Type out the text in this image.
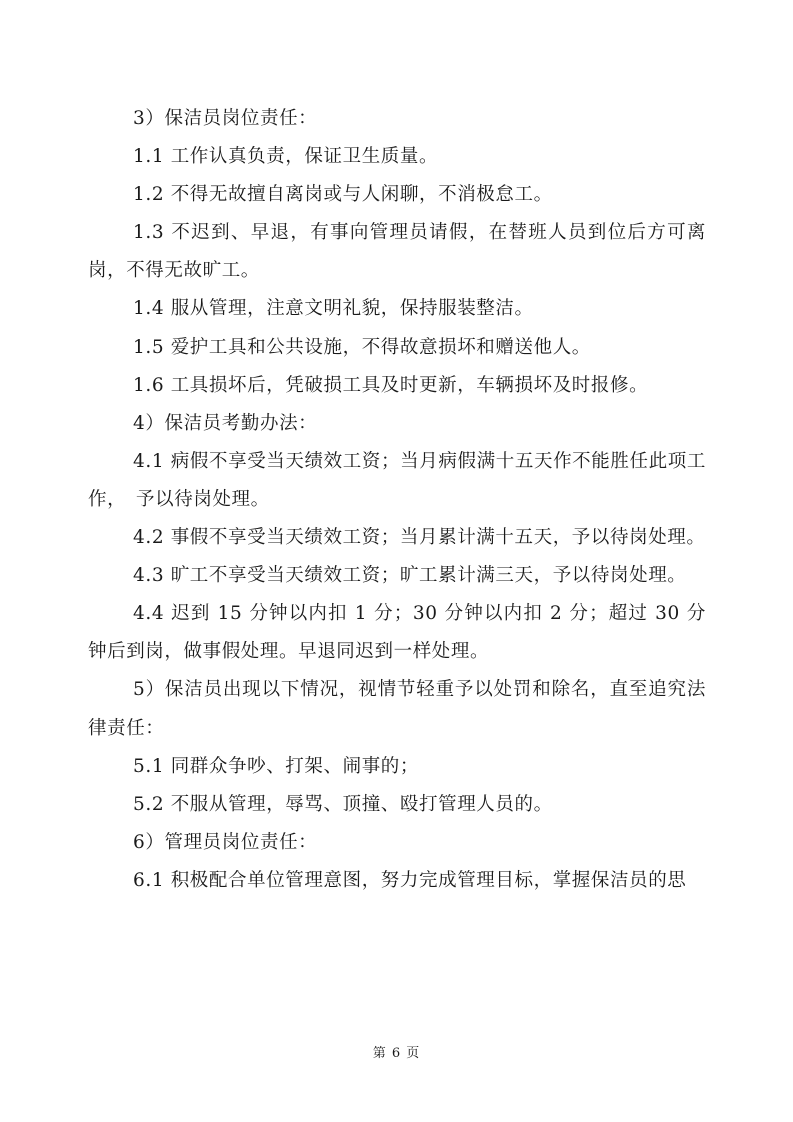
3）保洁员岗位责任：

1.1 工作认真负责，保证卫生质量。

1.2 不得无故擅自离岗或与人闲聊，不消极怠工。

1.3 不迟到、早退，有事向管理员请假，在替班人员到位后方可离岗，不得无故旷工。

1.4 服从管理，注意文明礼貌，保持服装整洁。

1.5 爱护工具和公共设施，不得故意损坏和赠送他人。

1.6 工具损坏后，凭破损工具及时更新，车辆损坏及时报修。

4）保洁员考勤办法：

4.1 病假不享受当天绩效工资；当月病假满十五天作不能胜任此项工作，　予以待岗处理。

4.2 事假不享受当天绩效工资；当月累计满十五天，予以待岗处理。

4.3 旷工不享受当天绩效工资；旷工累计满三天，予以待岗处理。

4.4 迟到 15 分钟以内扣 1 分；30 分钟以内扣 2 分；超过 30 分钟后到岗，做事假处理。早退同迟到一样处理。

5）保洁员出现以下情况，视情节轻重予以处罚和除名，直至追究法律责任：

5.1 同群众争吵、打架、闹事的；

5.2 不服从管理，辱骂、顶撞、殴打管理人员的。

6）管理员岗位责任：

6.1 积极配合单位管理意图，努力完成管理目标，掌握保洁员的思

第 6 页
